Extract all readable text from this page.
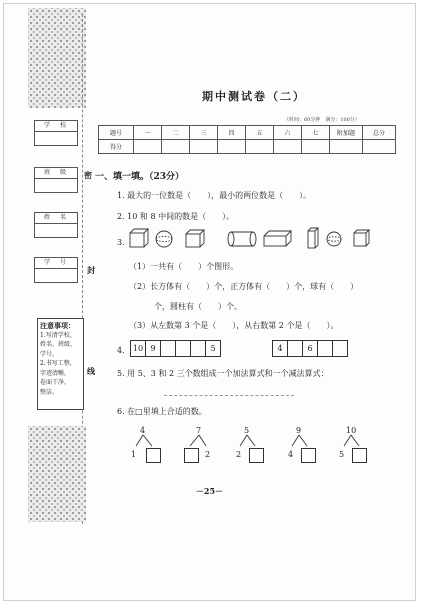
学　校
班　级
姓　名
学　号
密
封
线
注意事项：
1.写清学校、
姓名、班级、
学号。
2.书写工整，
字迹清晰，
卷面干净，
整洁。
期中测试卷（二）
（时间：60分钟　满分：100分）
题号	一	二	三	四	五	六	七	附加题	总分
得分									
一、填一填。（23分）
1. 最大的一位数是（　　），最小的两位数是（　　）。
2. 10 和 8 中间的数是（　　）。
3.
（1）一共有（　　）个图形。
（2）长方体有（　　）个，正方体有（　　）个，球有（　　）
个，圆柱有（　　）个。
（3）从左数第 3 个是（　　），从右数第 2 个是（　　）。
4. 10	9				5	4		6		
5. 用 5、3 和 2 三个数组成一个加法算式和一个减法算式：
6. 在□里填上合适的数。
4
1
7
2
5
2
9
4
10
5
－25－
